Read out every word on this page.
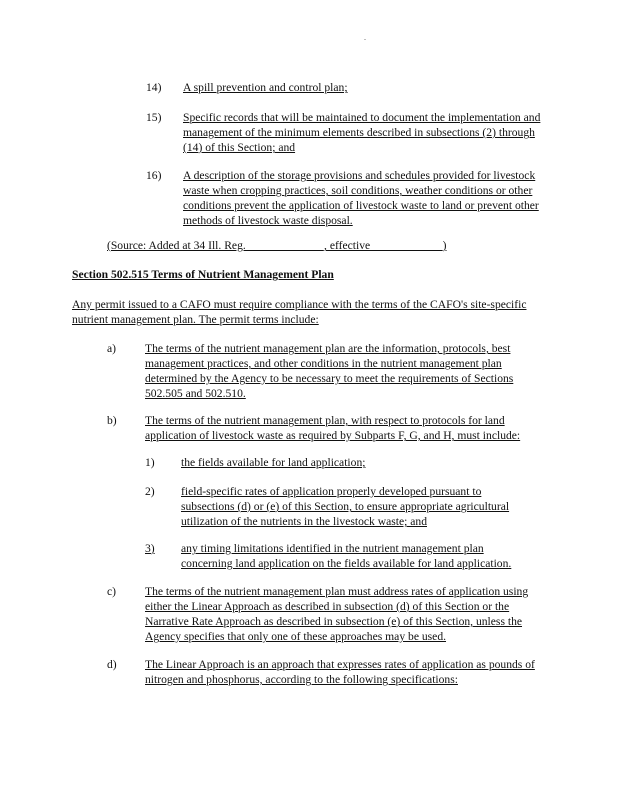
.
14) A spill prevention and control plan;
15) Specific records that will be maintained to document the implementation and management of the minimum elements described in subsections (2) through (14) of this Section; and
16) A description of the storage provisions and schedules provided for livestock waste when cropping practices, soil conditions, weather conditions or other conditions prevent the application of livestock waste to land or prevent other methods of livestock waste disposal.
(Source: Added at 34 Ill. Reg. _____________, effective ____________)
Section 502.515 Terms of Nutrient Management Plan
Any permit issued to a CAFO must require compliance with the terms of the CAFO's site-specific nutrient management plan. The permit terms include:
a) The terms of the nutrient management plan are the information, protocols, best management practices, and other conditions in the nutrient management plan determined by the Agency to be necessary to meet the requirements of Sections 502.505 and 502.510.
b) The terms of the nutrient management plan, with respect to protocols for land application of livestock waste as required by Subparts F, G, and H, must include:
1) the fields available for land application;
2) field-specific rates of application properly developed pursuant to subsections (d) or (e) of this Section, to ensure appropriate agricultural utilization of the nutrients in the livestock waste; and
3) any timing limitations identified in the nutrient management plan concerning land application on the fields available for land application.
c) The terms of the nutrient management plan must address rates of application using either the Linear Approach as described in subsection (d) of this Section or the Narrative Rate Approach as described in subsection (e) of this Section, unless the Agency specifies that only one of these approaches may be used.
d) The Linear Approach is an approach that expresses rates of application as pounds of nitrogen and phosphorus, according to the following specifications:
